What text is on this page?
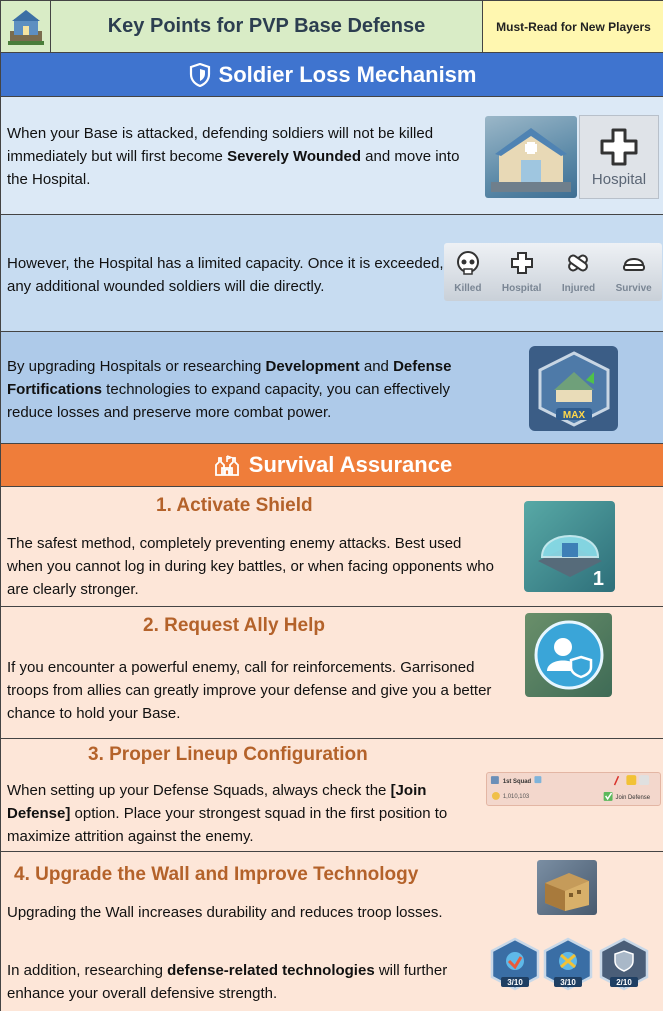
Key Points for PVP Base Defense	Must-Read for New Players
Soldier Loss Mechanism
When your Base is attacked, defending soldiers will not be killed immediately but will first become Severely Wounded and move into the Hospital.	Hospital
However, the Hospital has a limited capacity. Once it is exceeded, any additional wounded soldiers will die directly.	Killed Hospital Injured Survive
By upgrading Hospitals or researching Development and Defense Fortifications technologies to expand capacity, you can effectively reduce losses and preserve more combat power.	MAX
Survival Assurance
1. Activate Shield
The safest method, completely preventing enemy attacks. Best used when you cannot log in during key battles, or when facing opponents who are clearly stronger.	1
2. Request Ally Help
If you encounter a powerful enemy, call for reinforcements. Garrisoned troops from allies can greatly improve your defense and give you a better chance to hold your Base.
3. Proper Lineup Configuration
When setting up your Defense Squads, always check the [Join Defense] option. Place your strongest squad in the first position to maximize attrition against the enemy.
1st Squad
1,010,103	Join Defense
4. Upgrade the Wall and Improve Technology
Upgrading the Wall increases durability and reduces troop losses.
In addition, researching defense-related technologies will further enhance your overall defensive strength.
3/10	3/10	2/10
